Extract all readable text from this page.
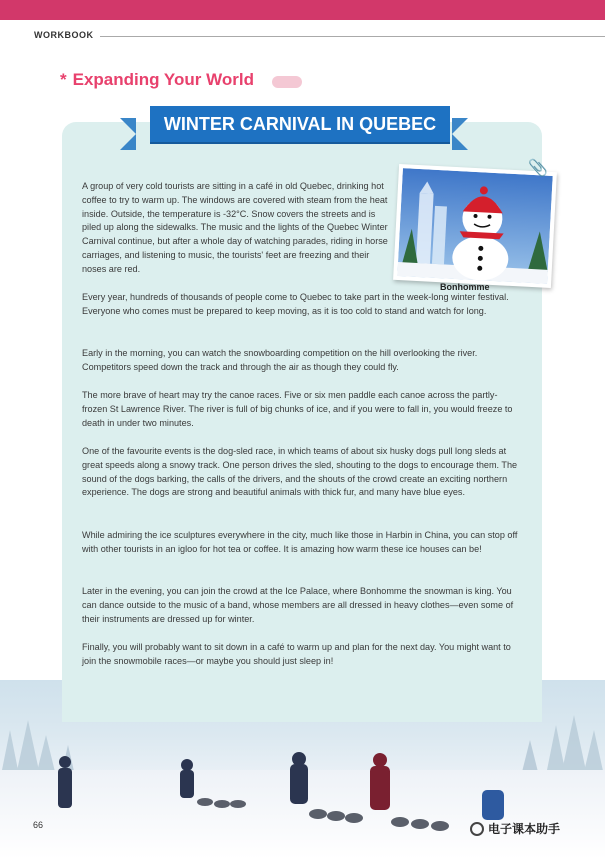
WORKBOOK
* Expanding Your World
WINTER CARNIVAL IN QUEBEC
📎
Bonhomme

A group of very cold tourists are sitting in a café in old Quebec, drinking hot coffee to try to warm up. The windows are covered with steam from the heat inside. Outside, the temperature is -32°C. Snow covers the streets and is piled up along the sidewalks. The music and the lights of the Quebec Winter Carnival continue, but after a whole day of watching parades, riding in horse carriages, and listening to music, the tourists' feet are freezing and their noses are red.

Every year, hundreds of thousands of people come to Quebec to take part in the week-long winter festival. Everyone who comes must be prepared to keep moving, as it is too cold to stand and watch for long.

Early in the morning, you can watch the snowboarding competition on the hill overlooking the river. Competitors speed down the track and through the air as though they could fly.

The more brave of heart may try the canoe races. Five or six men paddle each canoe across the partly-frozen St Lawrence River. The river is full of big chunks of ice, and if you were to fall in, you would freeze to death in under two minutes.

One of the favourite events is the dog-sled race, in which teams of about six husky dogs pull long sleds at great speeds along a snowy track. One person drives the sled, shouting to the dogs to encourage them. The sound of the dogs barking, the calls of the drivers, and the shouts of the crowd create an exciting northern experience. The dogs are strong and beautiful animals with thick fur, and many have blue eyes.

While admiring the ice sculptures everywhere in the city, much like those in Harbin in China, you can stop off with other tourists in an igloo for hot tea or coffee. It is amazing how warm these ice houses can be!

Later in the evening, you can join the crowd at the Ice Palace, where Bonhomme the snowman is king. You can dance outside to the music of a band, whose members are all dressed in heavy clothes—even some of their instruments are dressed up for winter.

Finally, you will probably want to sit down in a café to warm up and plan for the next day. You might want to join the snowmobile races—or maybe you should just sleep in!

66	电子课本助手
